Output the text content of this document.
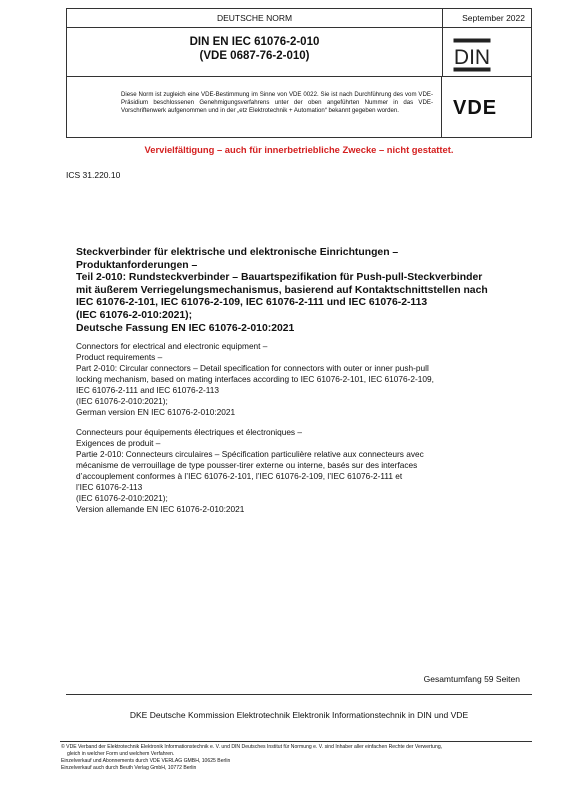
DEUTSCHE NORM	September 2022
DIN EN IEC 61076-2-010
(VDE 0687-76-2-010)
Diese Norm ist zugleich eine VDE-Bestimmung im Sinne von VDE 0022. Sie ist nach Durchführung des vom VDE-Präsidium beschlossenen Genehmigungsverfahrens unter der oben angeführten Nummer in das VDE-Vorschriftenwerk aufgenommen und in der „etz Elektrotechnik + Automation“ bekannt gegeben worden.
DIN
VDE
Vervielfältigung – auch für innerbetriebliche Zwecke – nicht gestattet.
ICS 31.220.10
Steckverbinder für elektrische und elektronische Einrichtungen –
Produktanforderungen –
Teil 2-010: Rundsteckverbinder – Bauartspezifikation für Push-pull-Steckverbinder
mit äußerem Verriegelungsmechanismus, basierend auf Kontaktschnittstellen nach
IEC 61076-2-101, IEC 61076-2-109, IEC 61076-2-111 und IEC 61076-2-113
(IEC 61076-2-010:2021);
Deutsche Fassung EN IEC 61076-2-010:2021
Connectors for electrical and electronic equipment –
Product requirements –
Part 2-010: Circular connectors – Detail specification for connectors with outer or inner push-pull
locking mechanism, based on mating interfaces according to IEC 61076-2-101, IEC 61076-2-109,
IEC 61076-2-111 and IEC 61076-2-113
(IEC 61076-2-010:2021);
German version EN IEC 61076-2-010:2021
Connecteurs pour équipements électriques et électroniques –
Exigences de produit –
Partie 2-010: Connecteurs circulaires – Spécification particulière relative aux connecteurs avec
mécanisme de verrouillage de type pousser-tirer externe ou interne, basés sur des interfaces
d’accouplement conformes à l’IEC 61076-2-101, l’IEC 61076-2-109, l’IEC 61076-2-111 et
l’IEC 61076-2-113
(IEC 61076-2-010:2021);
Version allemande EN IEC 61076-2-010:2021
Gesamtumfang 59 Seiten
DKE Deutsche Kommission Elektrotechnik Elektronik Informationstechnik in DIN und VDE
© VDE Verband der Elektrotechnik Elektronik Informationstechnik e. V. und DIN Deutsches Institut für Normung e. V. sind Inhaber aller einfachen Rechte der Verwertung,
gleich in welcher Form und welchem Verfahren.
Einzelverkauf und Abonnements durch VDE VERLAG GMBH, 10625 Berlin
Einzelverkauf auch durch Beuth Verlag GmbH, 10772 Berlin
